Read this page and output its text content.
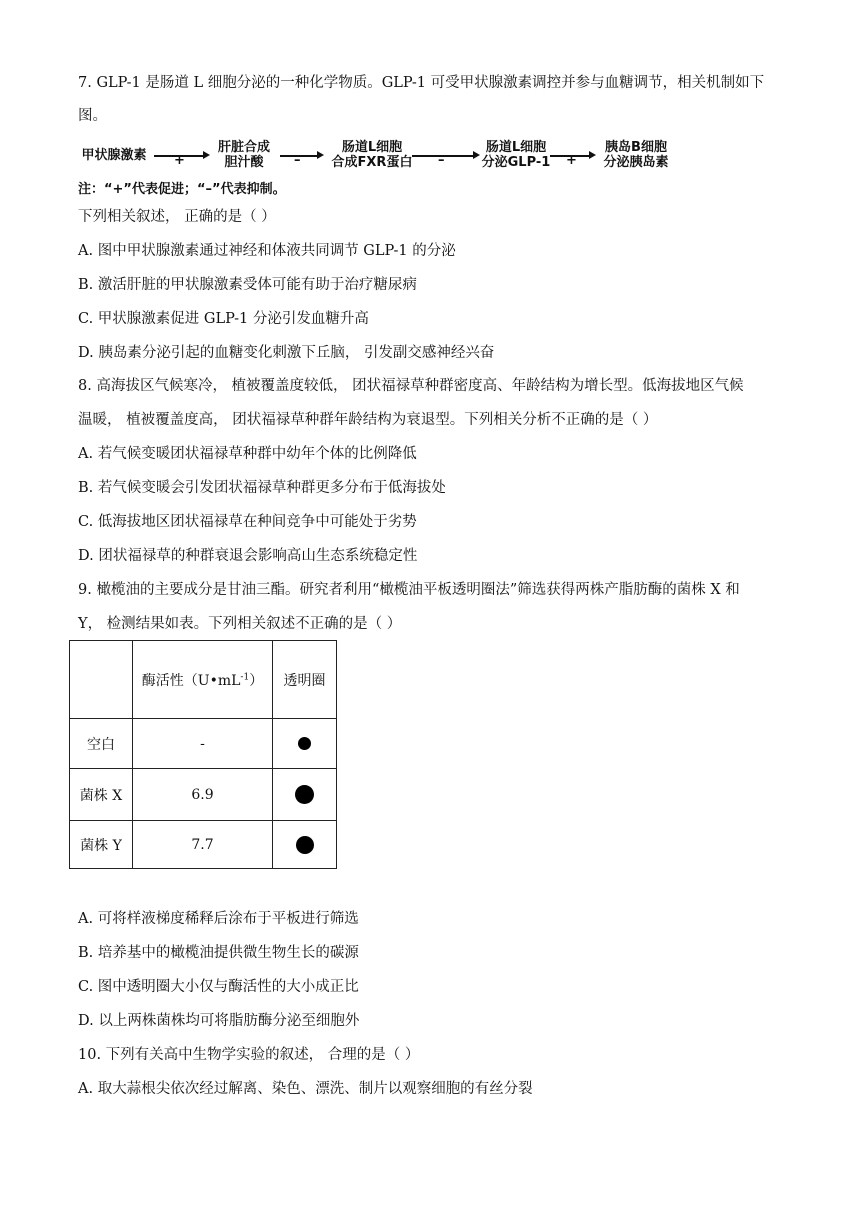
7. GLP-1 是肠道 L 细胞分泌的一种化学物质。GLP-1 可受甲状腺激素调控并参与血糖调节，相关机制如下
图。
甲状腺激素 +
肝脏合成
胆汁酸	–
肠道L细胞
合成FXR蛋白	–
肠道L细胞
分泌GLP-1	+
胰岛B细胞
分泌胰岛素
注：“+”代表促进；“–”代表抑制。
下列相关叙述， 正确的是（ ）
A. 图中甲状腺激素通过神经和体液共同调节 GLP-1 的分泌
B. 激活肝脏的甲状腺激素受体可能有助于治疗糖尿病
C. 甲状腺激素促进 GLP-1 分泌引发血糖升高
D. 胰岛素分泌引起的血糖变化刺激下丘脑， 引发副交感神经兴奋
8. 高海拔区气候寒冷， 植被覆盖度较低， 团状福禄草种群密度高、年龄结构为增长型。低海拔地区气候
温暖， 植被覆盖度高， 团状福禄草种群年龄结构为衰退型。下列相关分析不正确的是（ ）
A. 若气候变暖团状福禄草种群中幼年个体的比例降低
B. 若气候变暖会引发团状福禄草种群更多分布于低海拔处
C. 低海拔地区团状福禄草在种间竞争中可能处于劣势
D. 团状福禄草的种群衰退会影响高山生态系统稳定性
9. 橄榄油的主要成分是甘油三酯。研究者利用“橄榄油平板透明圈法”筛选获得两株产脂肪酶的菌株 X 和
Y， 检测结果如表。下列相关叙述不正确的是（ ）
	酶活性$(U•mL^{-1})$	透明圈
空白	-	
菌株 X	6.9	
菌株 Y	7.7	
A. 可将样液梯度稀释后涂布于平板进行筛选
B. 培养基中的橄榄油提供微生物生长的碳源
C. 图中透明圈大小仅与酶活性的大小成正比
D. 以上两株菌株均可将脂肪酶分泌至细胞外
10. 下列有关高中生物学实验的叙述， 合理的是（ ）
A. 取大蒜根尖依次经过解离、染色、漂洗、制片以观察细胞的有丝分裂
